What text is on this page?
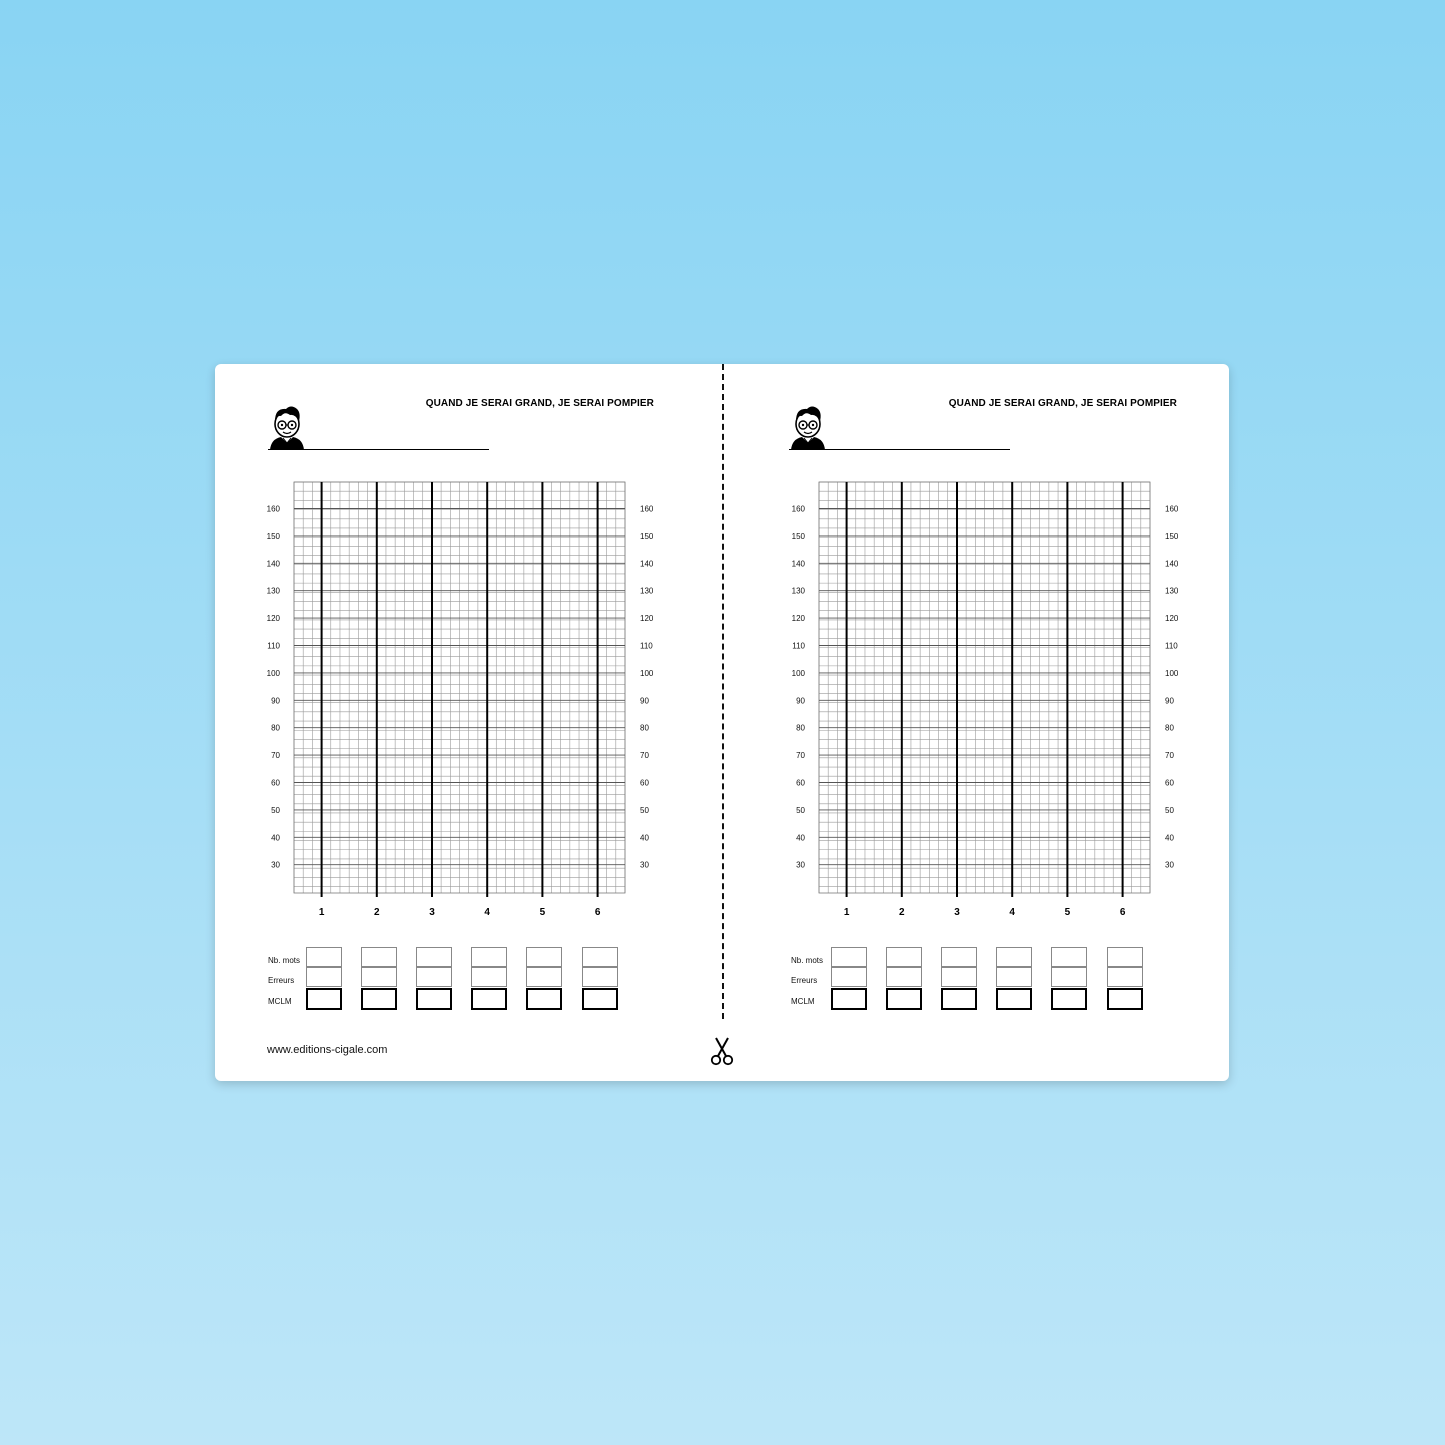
www.editions-cigale.com
QUAND JE SERAI GRAND, JE SERAI POMPIER
160	160
150	150
140	140
130	130
120	120
110	110
100	100
90	90
80	80
70	70
60	60
50	50
40	40
30	30
1	2	3	4	5	6
Nb. mots
Erreurs
MCLM
QUAND JE SERAI GRAND, JE SERAI POMPIER
160	160
150	150
140	140
130	130
120	120
110	110
100	100
90	90
80	80
70	70
60	60
50	50
40	40
30	30
1	2	3	4	5	6
Nb. mots
Erreurs
MCLM
